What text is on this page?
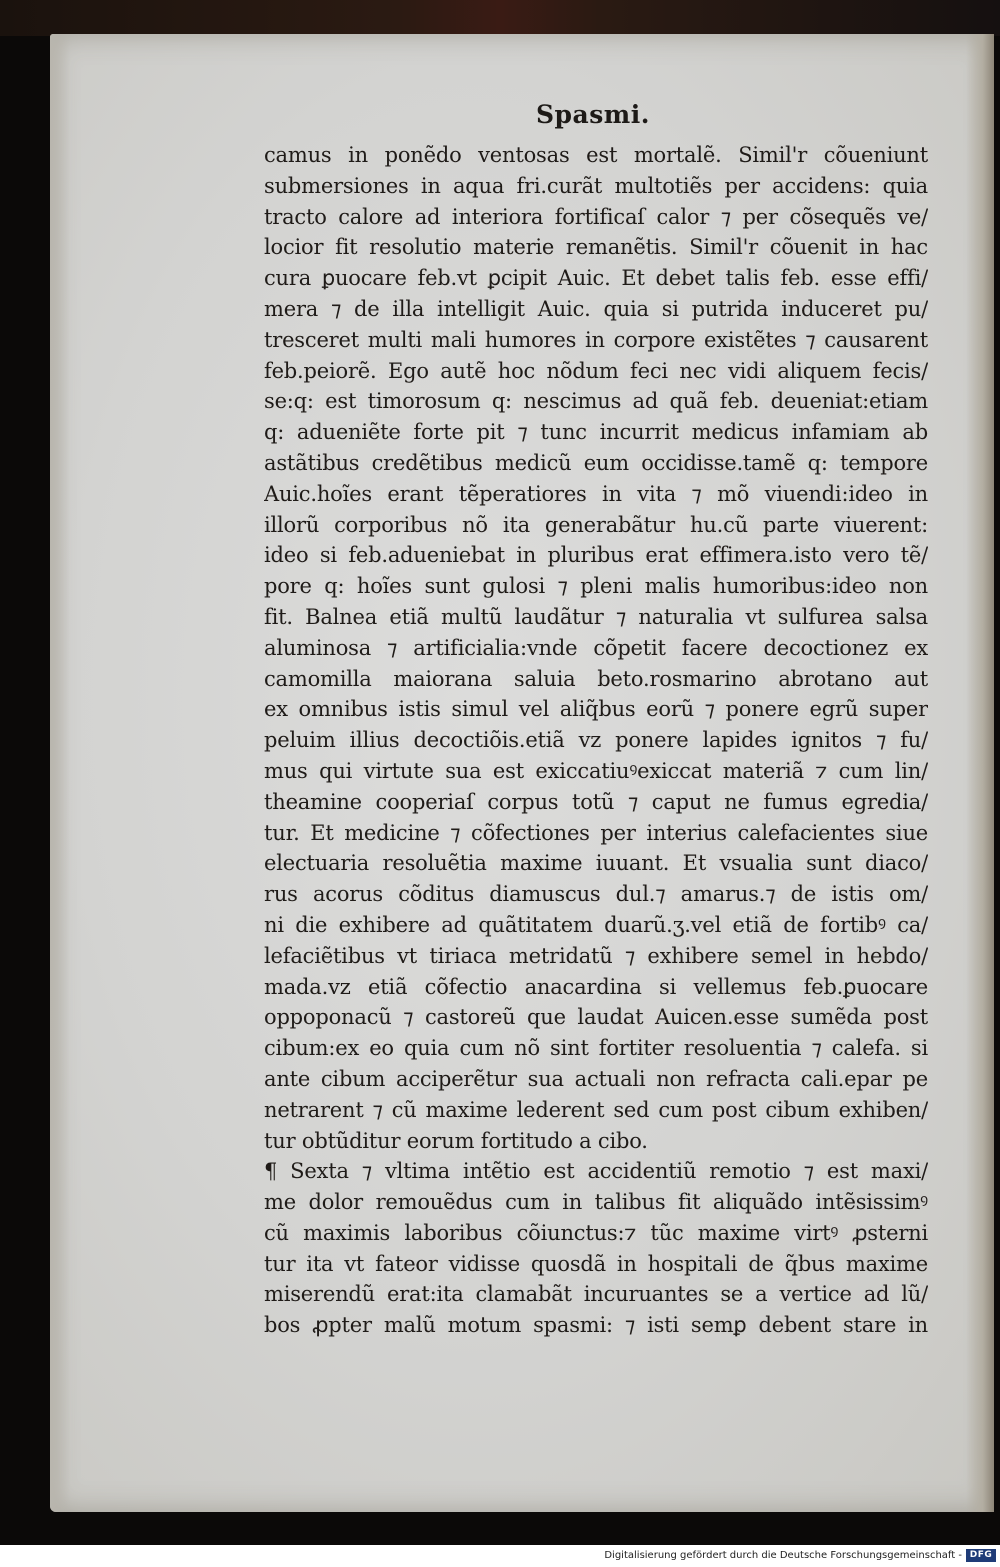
Spasmi.
camus in ponẽdo ventosas est mortalẽ. Simil'r cõueniunt
submersiones in aqua fri.curãt multotiẽs per accidens: quia
tracto calore ad interiora fortificaſ calor ⁊ per cõsequẽs ve/
locior fit resolutio materie remanẽtis. Simil'r cõuenit in hac
cura ꝑuocare feb.vt ꝑcipit Auic. Et debet talis feb. esse effi/
mera ⁊ de illa intelligit Auic. quia si putrida induceret pu/
tresceret multi mali humores in corpore existẽtes ⁊ causarent
feb.peiorẽ. Ego autẽ hoc nõdum feci nec vidi aliquem fecis/
se:q: est timorosum q: nescimus ad quã feb. deueniat:etiam
q: adueniẽte forte pit ⁊ tunc incurrit medicus infamiam ab
astãtibus credẽtibus medicũ eum occidisse.tamẽ q: tempore
Auic.hoĩes erant tẽperatiores in vita ⁊ mõ viuendi:ideo in
illorũ corporibus nõ ita generabãtur hu.cũ parte viuerent:
ideo si feb.adueniebat in pluribus erat effimera.isto vero tẽ/
pore q: hoĩes sunt gulosi ⁊ pleni malis humoribus:ideo non
fit. Balnea etiã multũ laudãtur ⁊ naturalia vt sulfurea salsa
aluminosa ⁊ artificialia:vnde cõpetit facere decoctionez ex
camomilla maiorana saluia beto.rosmarino abrotano aut
ex omnibus istis simul vel aliq̃bus eorũ ⁊ ponere egrũ super
peluim illius decoctiõis.etiã vz ponere lapides ignitos ⁊ fu/
mus qui virtute sua est exiccatiuꝰexiccat materiã ⁊ cum lin/
theamine cooperiaſ corpus totũ ⁊ caput ne fumus egredia/
tur. Et medicine ⁊ cõfectiones per interius calefacientes siue
electuaria resoluẽtia maxime iuuant. Et vsualia sunt diaco/
rus acorus cõditus diamuscus dul.⁊ amarus.⁊ de istis om/
ni die exhibere ad quãtitatem duarũ.ʒ.vel etiã de fortibꝰ ca/
lefaciẽtibus vt tiriaca metridatũ ⁊ exhibere semel in hebdo/
mada.vz etiã cõfectio anacardina si vellemus feb.ꝑuocare
oppoponacũ ⁊ castoreũ que laudat Auicen.esse sumẽda post
cibum:ex eo quia cum nõ sint fortiter resoluentia ⁊ calefa. si
ante cibum acciperẽtur sua actuali non refracta cali.epar pe
netrarent ⁊ cũ maxime lederent sed cum post cibum exhiben/
tur obtũditur eorum fortitudo a cibo.
¶ Sexta ⁊ vltima intẽtio est accidentiũ remotio ⁊ est maxi/
me dolor remouẽdus cum in talibus fit aliquãdo intẽsissimꝰ
cũ maximis laboribus cõiunctus:⁊ tũc maxime virtꝰ ꝓsterni
tur ita vt fateor vidisse quosdã in hospitali de q̃bus maxime
miserendũ erat:ita clamabãt incuruantes se a vertice ad lũ/
bos ꝓpter malũ motum spasmi: ⁊ isti semꝑ debent stare in
Digitalisierung gefördert durch die Deutsche Forschungsgemeinschaft - DFG
